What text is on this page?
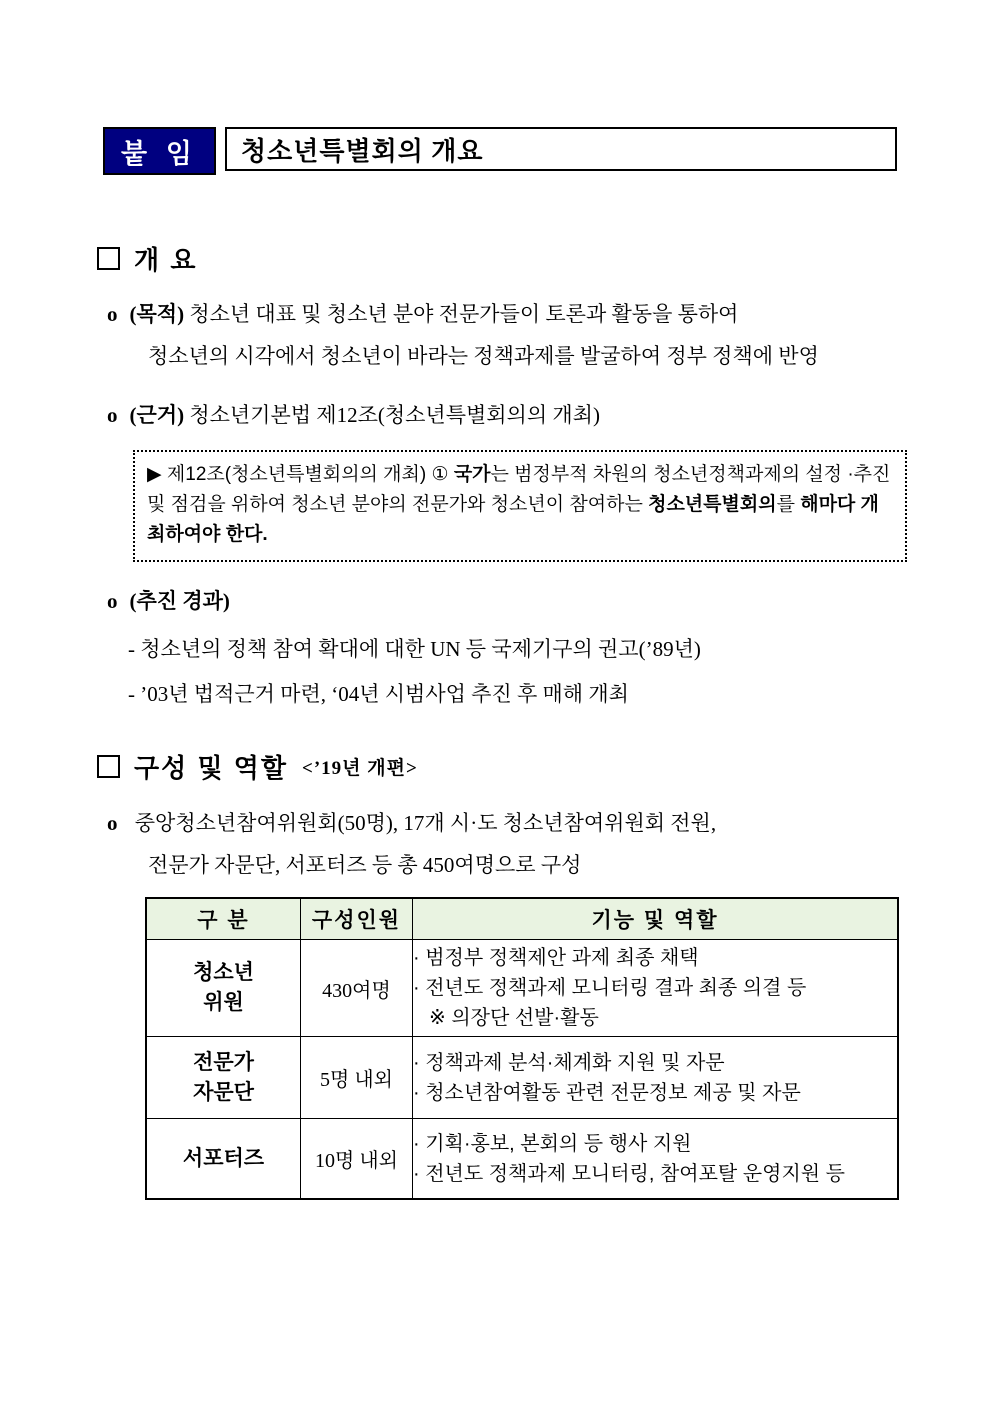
붙 임	청소년특별회의 개요
개 요
o (목적) 청소년 대표 및 청소년 분야 전문가들이 토론과 활동을 통하여
청소년의 시각에서 청소년이 바라는 정책과제를 발굴하여 정부 정책에 반영
o (근거) 청소년기본법 제12조(청소년특별회의의 개최)
▶ 제12조(청소년특별회의의 개최) ① 국가는 범정부적 차원의 청소년정책과제의 설정 ·추진 및 점검을 위하여 청소년 분야의 전문가와 청소년이 참여하는 청소년특별회의를 해마다 개최하여야 한다.
o (추진 경과)
- 청소년의 정책 참여 확대에 대한 UN 등 국제기구의 권고(’89년)
- ’03년 법적근거 마련, ‘04년 시범사업 추진 후 매해 개최
구성 및 역할 <’19년 개편>
o 중앙청소년참여위원회(50명), 17개 시·도 청소년참여위원회 전원,
전문가 자문단, 서포터즈 등 총 450여명으로 구성
구 분	구성인원	기능 및 역할

청소년
위원
	430여명	
· 범정부 정책제안 과제 최종 채택
· 전년도 정책과제 모니터링 결과 최종 의결 등
※ 의장단 선발·활동

전문가
자문단
	5명 내외	
· 정책과제 분석·체계화 지원 및 자문
· 청소년참여활동 관련 전문정보 제공 및 자문

서포터즈	10명 내외	· 기획·홍보, 본회의 등 행사 지원
· 전년도 정책과제 모니터링, 참여포탈 운영지원 등
